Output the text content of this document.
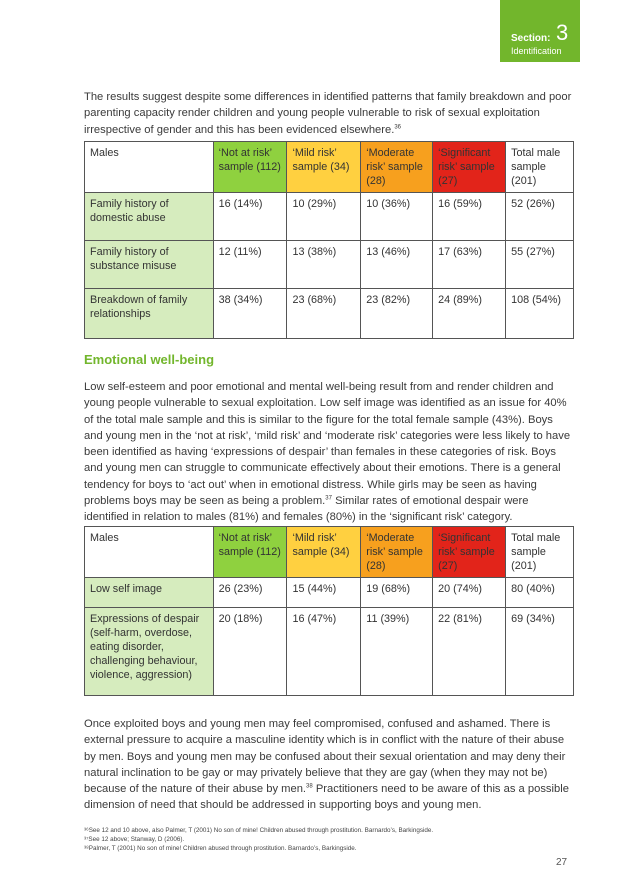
Section: 3
Identification

The results suggest despite some differences in identified patterns that family breakdown and poor parenting capacity render children and young people vulnerable to risk of sexual exploitation irrespective of gender and this has been evidenced elsewhere.$^{36}$

Males	‘Not at risk’ sample (112)	‘Mild risk’ sample (34)	‘Moderate risk’ sample (28)	‘Significant risk’ sample (27)	Total male sample (201)
Family history of domestic abuse	16 (14%)	10 (29%)	10 (36%)	16 (59%)	52 (26%)
Family history of substance misuse	12 (11%)	13 (38%)	13 (46%)	17 (63%)	55 (27%)
Breakdown of family relationships	38 (34%)	23 (68%)	23 (82%)	24 (89%)	108 (54%)
Emotional well-being

Low self-esteem and poor emotional and mental well-being result from and render children and young people vulnerable to sexual exploitation. Low self image was identified as an issue for 40% of the total male sample and this is similar to the figure for the total female sample (43%). Boys and young men in the ‘not at risk’, ‘mild risk’ and ‘moderate risk’ categories were less likely to have been identified as having ‘expressions of despair’ than females in these categories of risk. Boys and young men can struggle to communicate effectively about their emotions. There is a general tendency for boys to ‘act out’ when in emotional distress. While girls may be seen as having problems boys may be seen as being a problem.$^{37}$ Similar rates of emotional despair were identified in relation to males (81%) and females (80%) in the ‘significant risk’ category.

Males	‘Not at risk’ sample (112)	‘Mild risk’ sample (34)	‘Moderate risk’ sample (28)	‘Significant risk’ sample (27)	Total male sample (201)
Low self image	26 (23%)	15 (44%)	19 (68%)	20 (74%)	80 (40%)
Expressions of despair (self-harm, overdose, eating disorder, challenging behaviour, violence, aggression)	20 (18%)	16 (47%)	11 (39%)	22 (81%)	69 (34%)

Once exploited boys and young men may feel compromised, confused and ashamed. There is external pressure to acquire a masculine identity which is in conflict with the nature of their abuse by men. Boys and young men may be confused about their sexual orientation and may deny their natural inclination to be gay or may privately believe that they are gay (when they may not be) because of the nature of their abuse by men.$^{38}$ Practitioners need to be aware of this as a possible dimension of need that should be addressed in supporting boys and young men.

³⁶See 12 and 10 above, also Palmer, T (2001) No son of mine! Children abused through prostitution. Barnardo’s, Barkingside.
³⁷See 12 above; Stanway, D (2006).
³⁸Palmer, T (2001) No son of mine! Children abused through prostitution. Barnardo’s, Barkingside.
27
